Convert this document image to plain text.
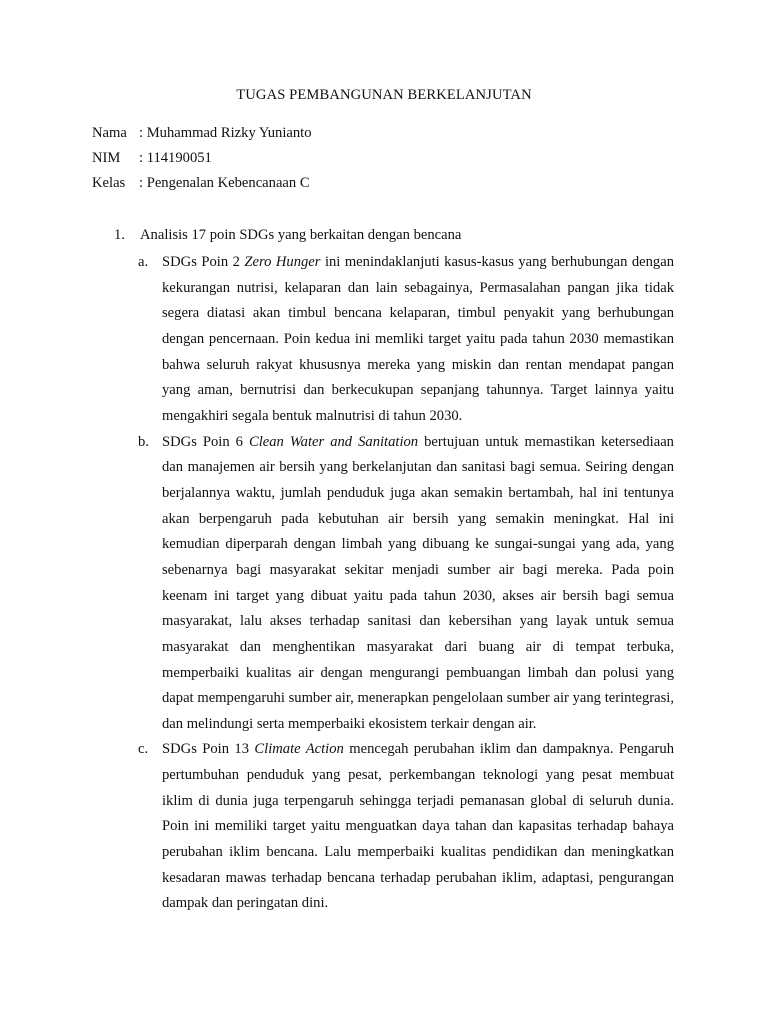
TUGAS PEMBANGUNAN BERKELANJUTAN
Nama : Muhammad Rizky Yunianto
NIM	: 114190051
Kelas : Pengenalan Kebencanaan C
1.	Analisis 17 poin SDGs yang berkaitan dengan bencana
a. SDGs Poin 2 Zero Hunger ini menindaklanjuti kasus-kasus yang berhubungan dengan kekurangan nutrisi, kelaparan dan lain sebagainya, Permasalahan pangan jika tidak segera diatasi akan timbul bencana kelaparan, timbul penyakit yang berhubungan dengan pencernaan. Poin kedua ini memliki target yaitu pada tahun 2030 memastikan bahwa seluruh rakyat khususnya mereka yang miskin dan rentan mendapat pangan yang aman, bernutrisi dan berkecukupan sepanjang tahunnya. Target lainnya yaitu mengakhiri segala bentuk malnutrisi di tahun 2030.

b. SDGs Poin 6 Clean Water and Sanitation bertujuan untuk memastikan ketersediaan dan manajemen air bersih yang berkelanjutan dan sanitasi bagi semua. Seiring dengan berjalannya waktu, jumlah penduduk juga akan semakin bertambah, hal ini tentunya akan berpengaruh pada kebutuhan air bersih yang semakin meningkat. Hal ini kemudian diperparah dengan limbah yang dibuang ke sungai-sungai yang ada, yang sebenarnya bagi masyarakat sekitar menjadi sumber air bagi mereka. Pada poin keenam ini target yang dibuat yaitu pada tahun 2030, akses air bersih bagi semua masyarakat, lalu akses terhadap sanitasi dan kebersihan yang layak untuk semua masyarakat dan menghentikan masyarakat dari buang air di tempat terbuka, memperbaiki kualitas air dengan mengurangi pembuangan limbah dan polusi yang dapat mempengaruhi sumber air, menerapkan pengelolaan sumber air yang terintegrasi, dan melindungi serta memperbaiki ekosistem terkair dengan air.

c. SDGs Poin 13 Climate Action mencegah perubahan iklim dan dampaknya. Pengaruh pertumbuhan penduduk yang pesat, perkembangan teknologi yang pesat membuat iklim di dunia juga terpengaruh sehingga terjadi pemanasan global di seluruh dunia. Poin ini memiliki target yaitu menguatkan daya tahan dan kapasitas terhadap bahaya perubahan iklim bencana. Lalu memperbaiki kualitas pendidikan dan meningkatkan kesadaran mawas terhadap bencana terhadap perubahan iklim, adaptasi, pengurangan dampak dan peringatan dini.
